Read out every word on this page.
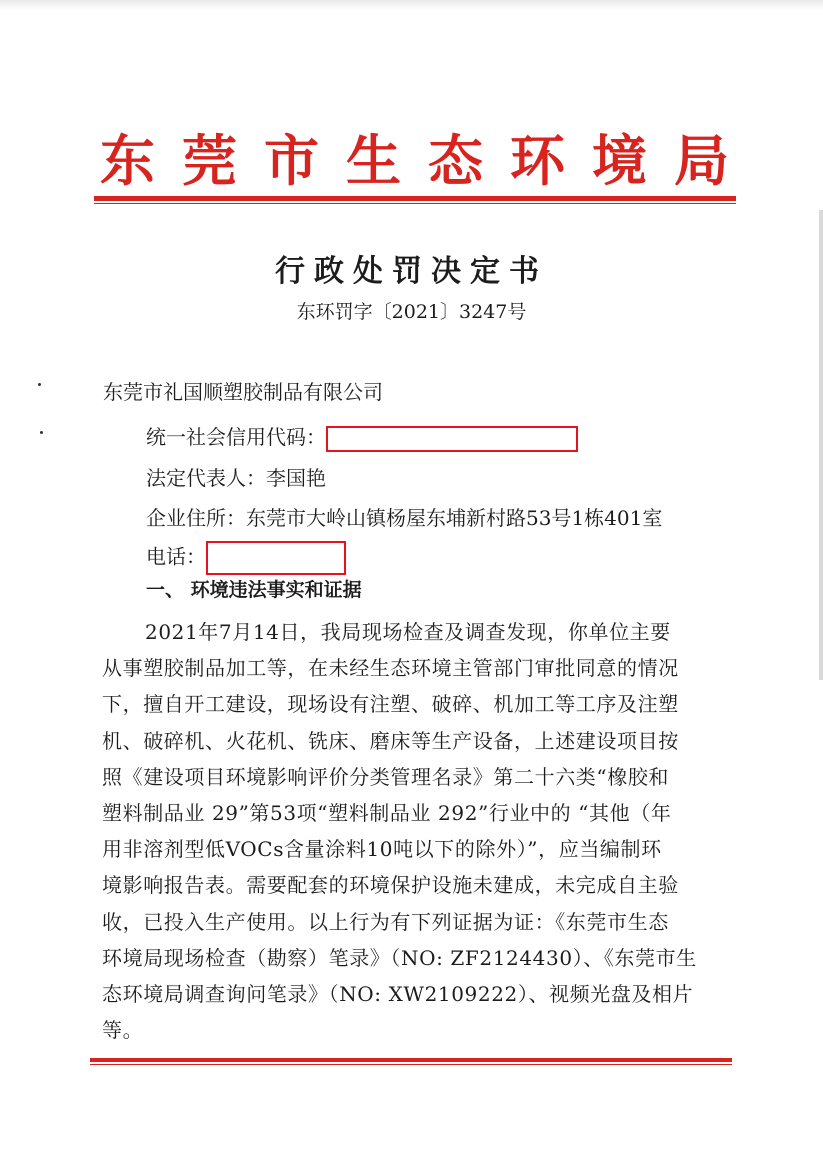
东莞市生态环境局
行政处罚决定书
东环罚字〔2021〕3247号
东莞市礼国顺塑胶制品有限公司
统一社会信用代码：
法定代表人：李国艳
企业住所：东莞市大岭山镇杨屋东埔新村路53号1栋401室
电话：
一、 环境违法事实和证据
2021年7月14日，我局现场检查及调查发现，你单位主要
从事塑胶制品加工等，在未经生态环境主管部门审批同意的情况
下，擅自开工建设，现场设有注塑、破碎、机加工等工序及注塑
机、破碎机、火花机、铣床、磨床等生产设备，上述建设项目按
照《建设项目环境影响评价分类管理名录》第二十六类“橡胶和
塑料制品业 29”第53项“塑料制品业 292”行业中的 “其他（年
用非溶剂型低VOCs含量涂料10吨以下的除外）”，应当编制环
境影响报告表。需要配套的环境保护设施未建成，未完成自主验
收，已投入生产使用。以上行为有下列证据为证：《东莞市生态
环境局现场检查（勘察）笔录》（NO: ZF2124430）、《东莞市生
态环境局调查询问笔录》（NO: XW2109222）、视频光盘及相片
等。
